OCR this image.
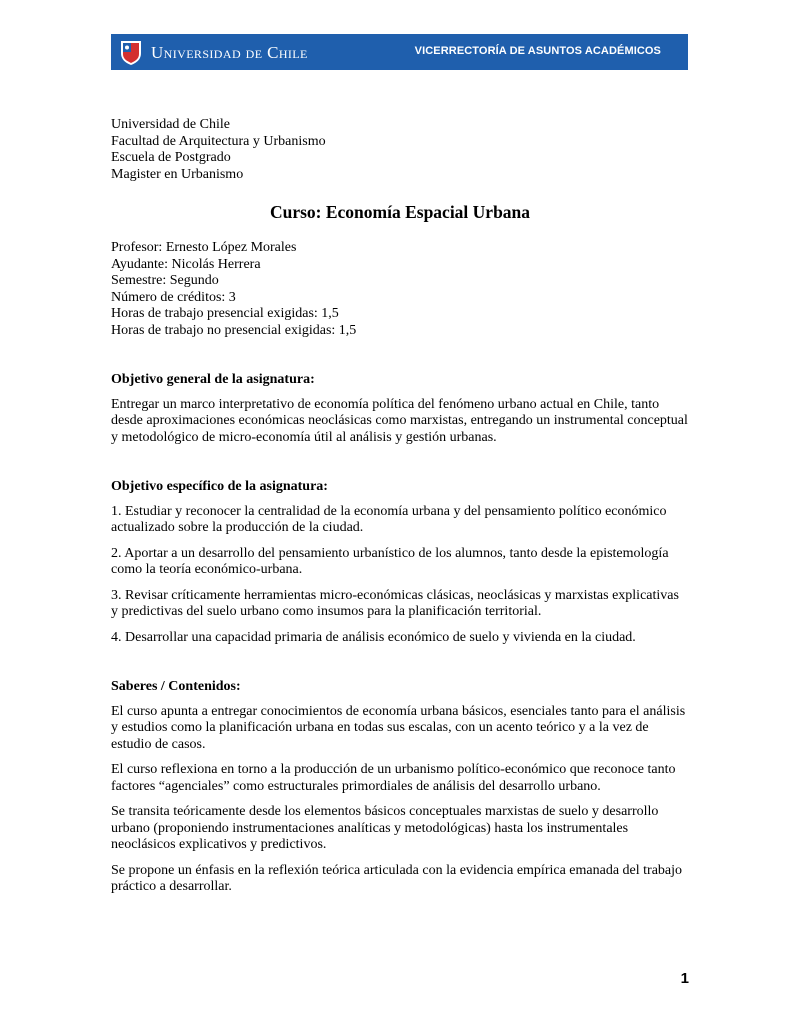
Universidad de Chile	VICERRECTORÍA DE ASUNTOS ACADÉMICOS

Universidad de Chile

Facultad de Arquitectura y Urbanismo

Escuela de Postgrado

Magister en Urbanismo

Curso: Economía Espacial Urbana

Profesor: Ernesto López Morales

Ayudante: Nicolás Herrera

Semestre: Segundo

Número de créditos: 3

Horas de trabajo presencial exigidas: 1,5

Horas de trabajo no presencial exigidas: 1,5

Objetivo general de la asignatura:

Entregar un marco interpretativo de economía política del fenómeno urbano actual en Chile, tanto desde aproximaciones económicas neoclásicas como marxistas, entregando un instrumental conceptual y metodológico de micro-economía útil al análisis y gestión urbanas.

Objetivo específico de la asignatura:

1. Estudiar y reconocer la centralidad de la economía urbana y del pensamiento político económico actualizado sobre la producción de la ciudad.

2. Aportar a un desarrollo del pensamiento urbanístico de los alumnos, tanto desde la epistemología como la teoría económico-urbana.

3. Revisar críticamente herramientas micro-económicas clásicas, neoclásicas y marxistas explicativas y predictivas del suelo urbano como insumos para la planificación territorial.

4. Desarrollar una capacidad primaria de análisis económico de suelo y vivienda en la ciudad.

Saberes / Contenidos:

El curso apunta a entregar conocimientos de economía urbana básicos, esenciales tanto para el análisis y estudios como la planificación urbana en todas sus escalas, con un acento teórico y a la vez de estudio de casos.

El curso reflexiona en torno a la producción de un urbanismo político-económico que reconoce tanto factores “agenciales” como estructurales primordiales de análisis del desarrollo urbano.

Se transita teóricamente desde los elementos básicos conceptuales marxistas de suelo y desarrollo urbano (proponiendo instrumentaciones analíticas y metodológicas) hasta los instrumentales neoclásicos explicativos y predictivos.

Se propone un énfasis en la reflexión teórica articulada con la evidencia empírica emanada del trabajo práctico a desarrollar.

1
